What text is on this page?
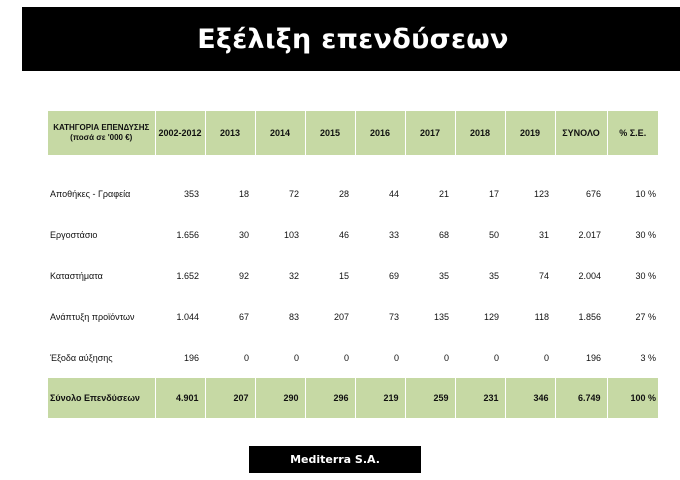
Εξέλιξη επενδύσεων
ΚΑΤΗΓΟΡΙΑ ΕΠΕΝΔΥΣΗΣ
(ποσά σε '000 €)	2002-2012	2013	2014	2015	2016	2017	2018	2019	ΣΥΝΟΛΟ	% Σ.Ε.

Αποθήκες - Γραφεία	353	18	72	28	44	21	17	123	676	10 %
Εργοστάσιο	1.656	30	103	46	33	68	50	31	2.017	30 %
Καταστήματα	1.652	92	32	15	69	35	35	74	2.004	30 %
Ανάπτυξη προϊόντων	1.044	67	83	207	73	135	129	118	1.856	27 %
Έξοδα αύξησης	196	0	0	0	0	0	0	0	196	3 %
Σύνολο Επενδύσεων	4.901	207	290	296	219	259	231	346	6.749	100 %
Mediterra S.A.
